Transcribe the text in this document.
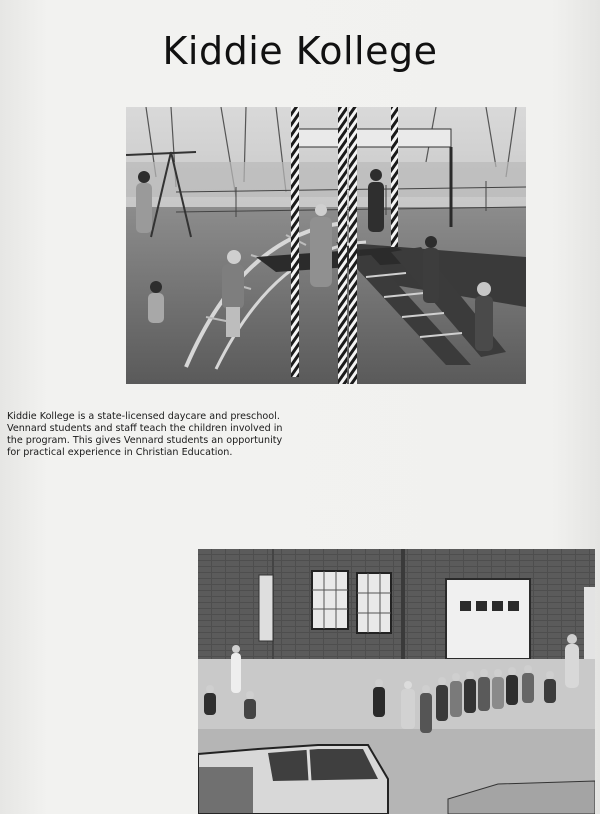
Kiddie Kollege
Kiddie Kollege is a state-licensed daycare and preschool.
Vennard students and staff teach the children involved in
the program. This gives Vennard students an opportunity
for practical experience in Christian Education.
